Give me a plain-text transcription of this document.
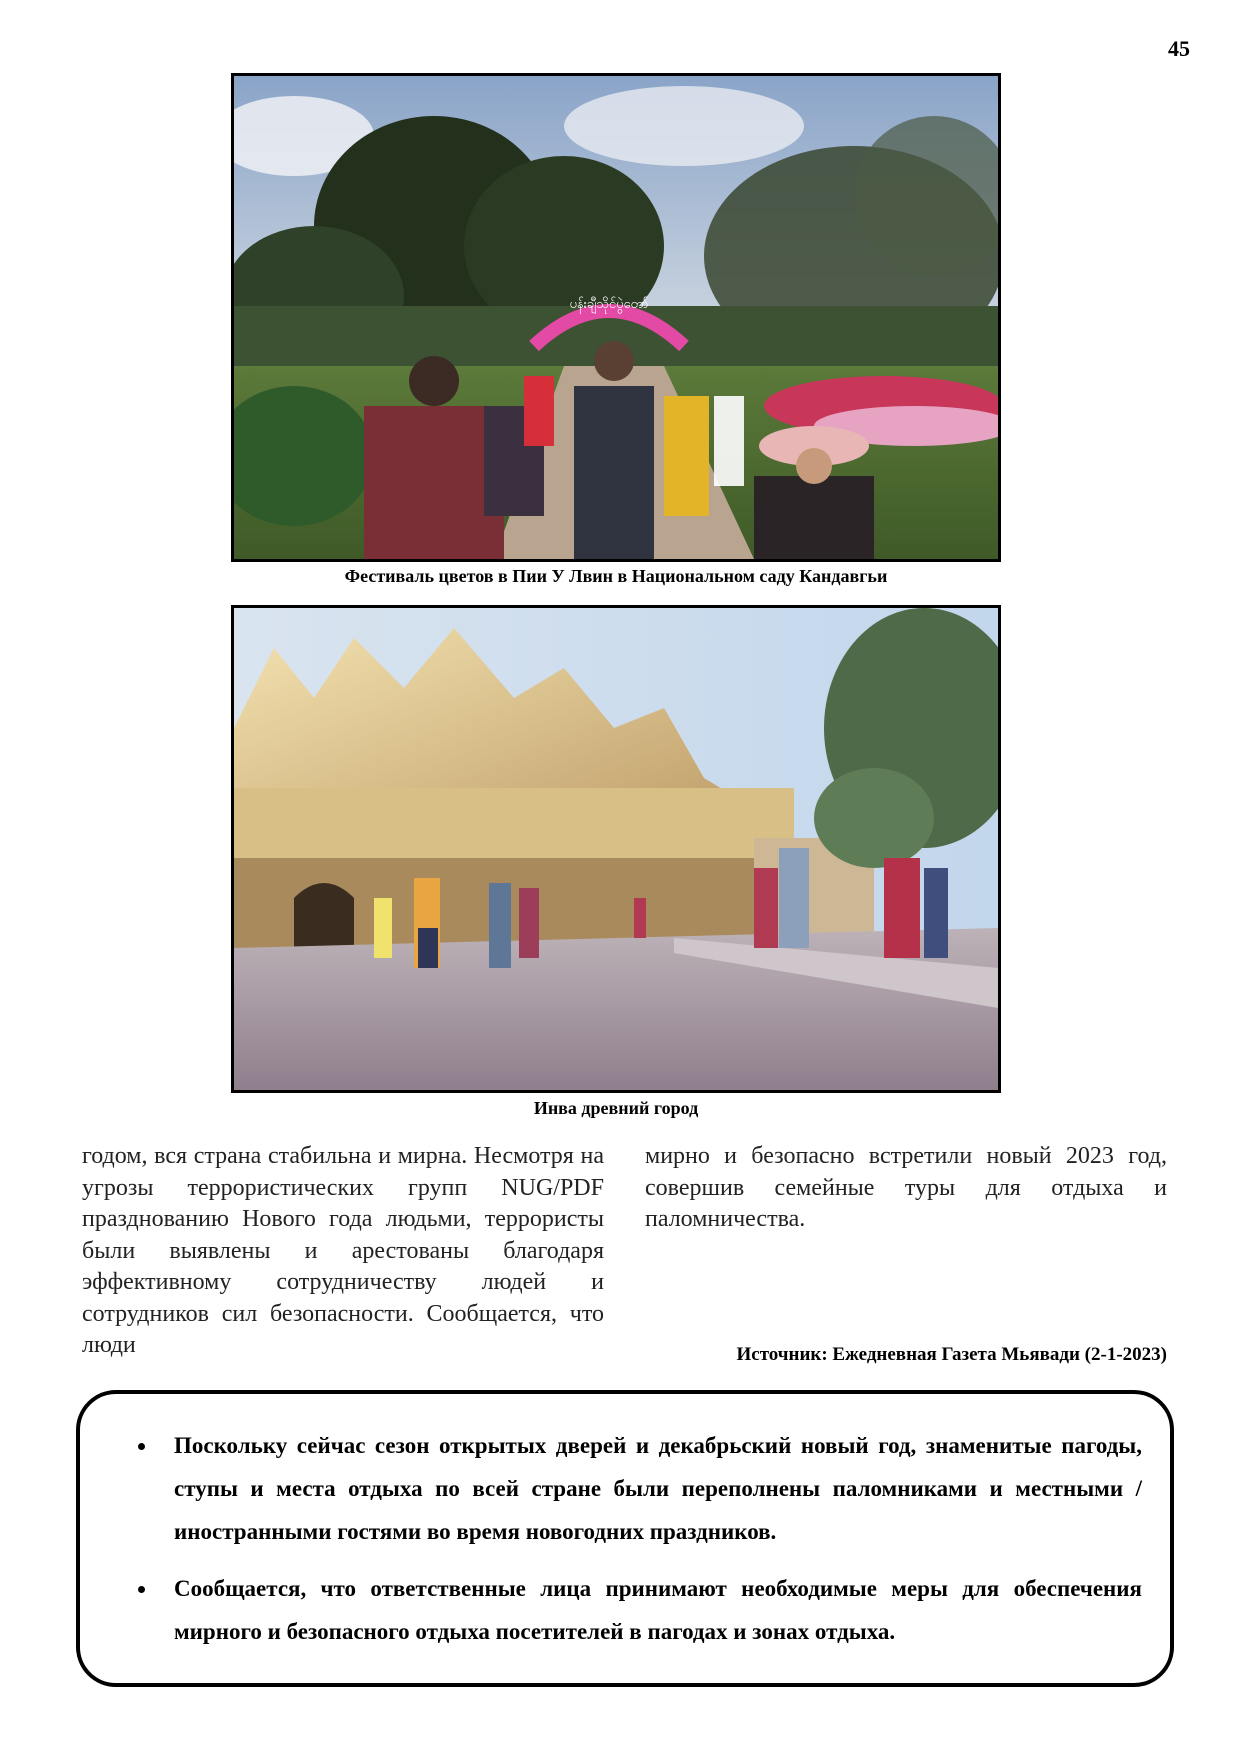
45
ပန်းချီသိုင်ပွဲတော်
Фестиваль цветов в Пии У Лвин в Национальном саду Кандавгьи
Инва древний город
годом, вся страна стабильна и мирна. Несмотря на угрозы террористических групп NUG/PDF празднованию Нового года людьми, террористы были выявлены и арестованы благодаря эффективному сотрудничеству людей и сотрудников сил безопасности. Сообщается, что люди
мирно и безопасно встретили новый 2023 год, совершив семейные туры для отдыха и паломничества.
Источник: Ежедневная Газета Мьявади (2-1-2023)
• Поскольку сейчас сезон открытых дверей и декабрьский новый год, знаменитые пагоды, ступы и места отдыха по всей стране были переполнены паломниками и местными / иностранными гостями во время новогодних праздников.
• Сообщается, что ответственные лица принимают необходимые меры для обеспечения мирного и безопасного отдыха посетителей в пагодах и зонах отдыха.
